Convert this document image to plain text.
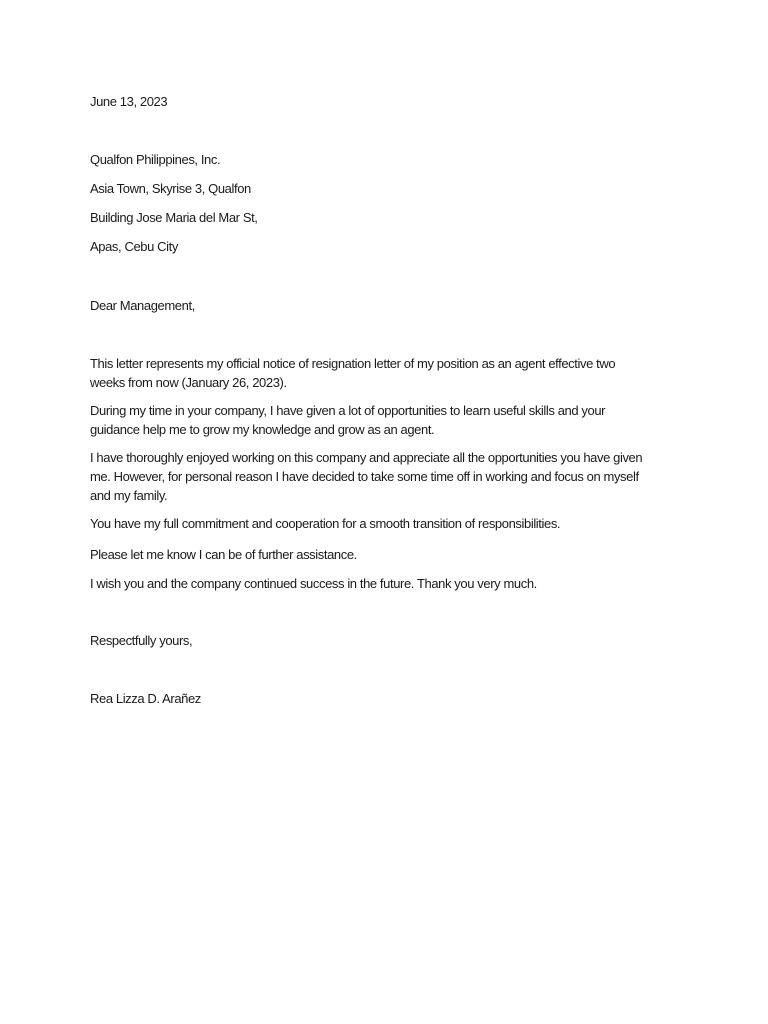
June 13, 2023
Qualfon Philippines, Inc.
Asia Town, Skyrise 3, Qualfon
Building Jose Maria del Mar St,
Apas, Cebu City
Dear Management,
This letter represents my official notice of resignation letter of my position as an agent effective two
weeks from now (January 26, 2023).
During my time in your company, I have given a lot of opportunities to learn useful skills and your
guidance help me to grow my knowledge and grow as an agent.
I have thoroughly enjoyed working on this company and appreciate all the opportunities you have given
me. However, for personal reason I have decided to take some time off in working and focus on myself
and my family.
You have my full commitment and cooperation for a smooth transition of responsibilities.
Please let me know I can be of further assistance.
I wish you and the company continued success in the future. Thank you very much.
Respectfully yours,
Rea Lizza D. Arañez
